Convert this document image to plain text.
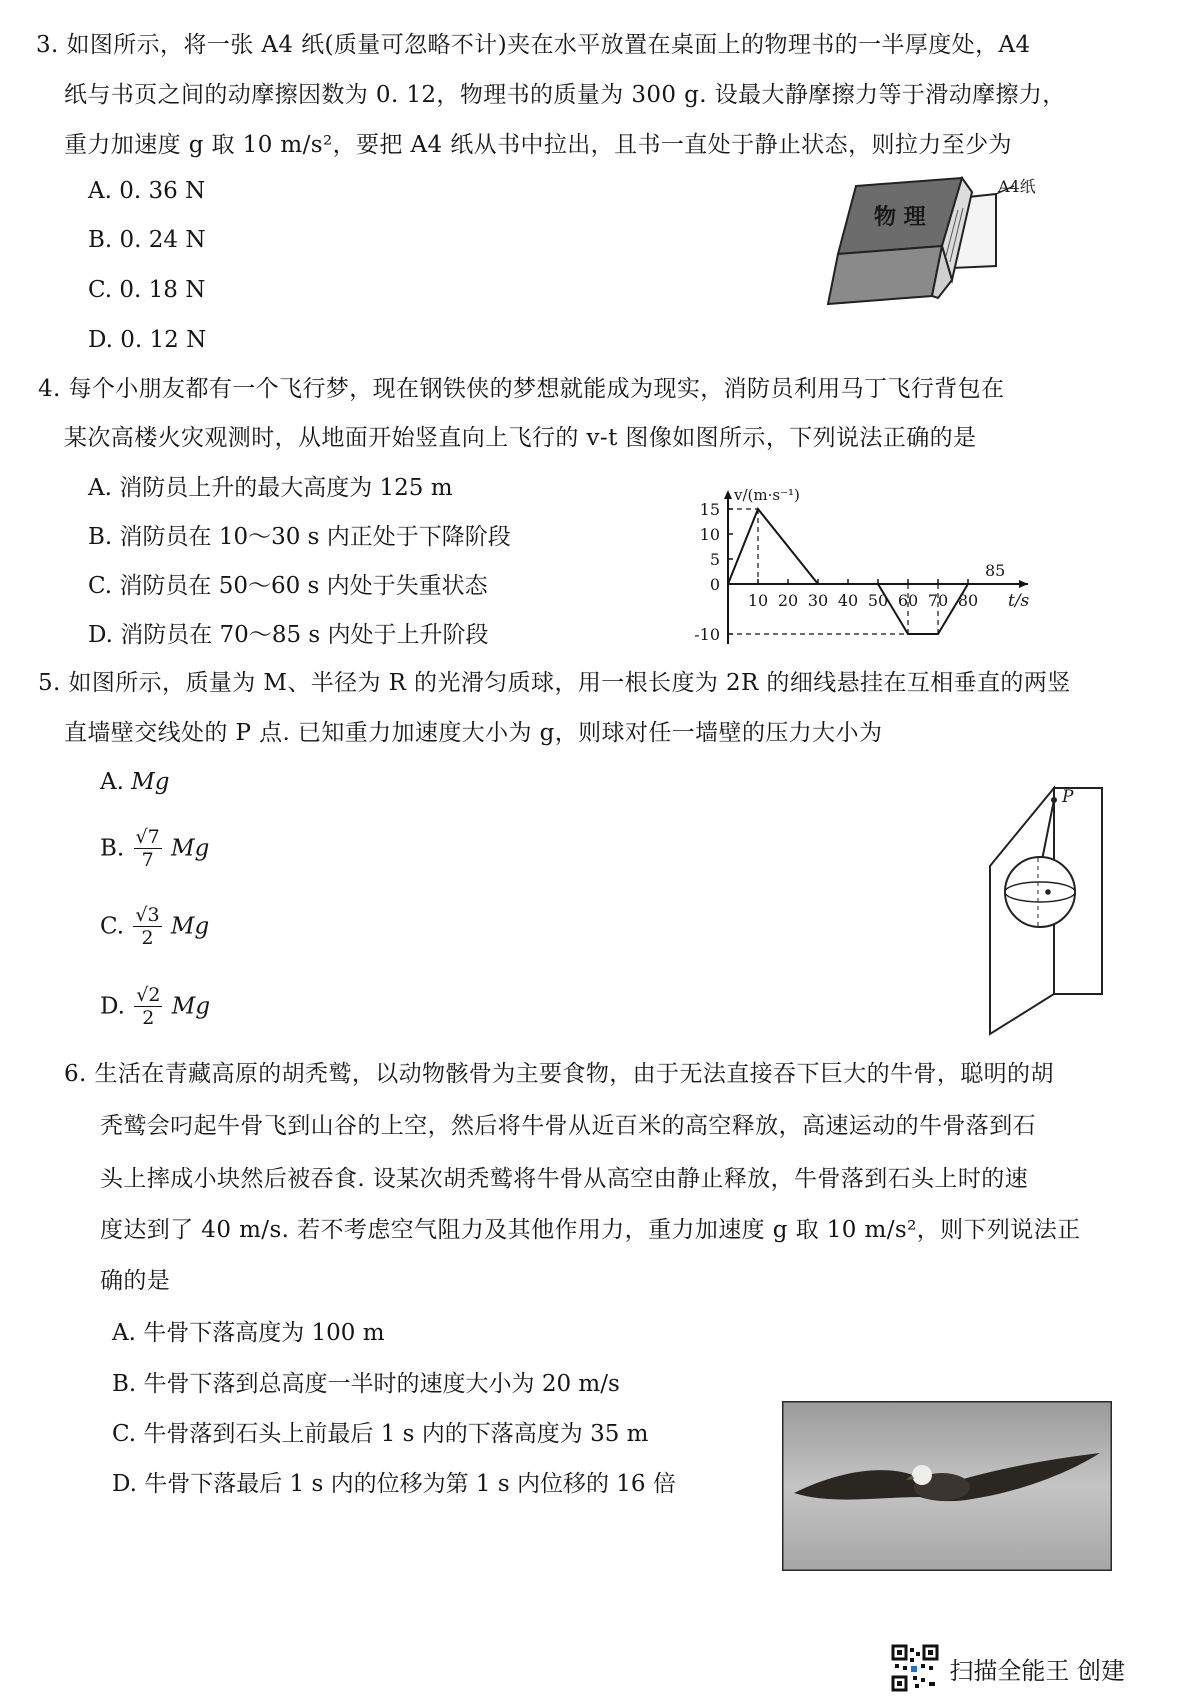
3. 如图所示，将一张 A4 纸(质量可忽略不计)夹在水平放置在桌面上的物理书的一半厚度处，A4
纸与书页之间的动摩擦因数为 0. 12，物理书的质量为 300 g. 设最大静摩擦力等于滑动摩擦力，
重力加速度 g 取 10 m/s²，要把 A4 纸从书中拉出，且书一直处于静止状态，则拉力至少为
A. 0. 36 N
B. 0. 24 N
C. 0. 18 N
D. 0. 12 N
物 理
A4纸
4. 每个小朋友都有一个飞行梦，现在钢铁侠的梦想就能成为现实，消防员利用马丁飞行背包在
某次高楼火灾观测时，从地面开始竖直向上飞行的 v-t 图像如图所示，下列说法正确的是
A. 消防员上升的最大高度为 125 m
B. 消防员在 10～30 s 内正处于下降阶段
C. 消防员在 50～60 s 内处于失重状态
D. 消防员在 70～85 s 内处于上升阶段
v/(m·s⁻¹)
t/s
15
10
5
0
-10
10 20 30 40 50 60 70 80
85
5. 如图所示，质量为 M、半径为 R 的光滑匀质球，用一根长度为 2R 的细线悬挂在互相垂直的两竖
直墙壁交线处的 P 点. 已知重力加速度大小为 g，则球对任一墙壁的压力大小为
A. Mg
B. $\frac{√7}{7}$ Mg
C. $\frac{√3}{2}$ Mg
D. $\frac{√2}{2}$ Mg
P
6. 生活在青藏高原的胡秃鹫，以动物骸骨为主要食物，由于无法直接吞下巨大的牛骨，聪明的胡
秃鹫会叼起牛骨飞到山谷的上空，然后将牛骨从近百米的高空释放，高速运动的牛骨落到石
头上摔成小块然后被吞食. 设某次胡秃鹫将牛骨从高空由静止释放，牛骨落到石头上时的速
度达到了 40 m/s. 若不考虑空气阻力及其他作用力，重力加速度 g 取 10 m/s²，则下列说法正
确的是
A. 牛骨下落高度为 100 m
B. 牛骨下落到总高度一半时的速度大小为 20 m/s
C. 牛骨落到石头上前最后 1 s 内的下落高度为 35 m
D. 牛骨下落最后 1 s 内的位移为第 1 s 内位移的 16 倍
扫描全能王 创建
